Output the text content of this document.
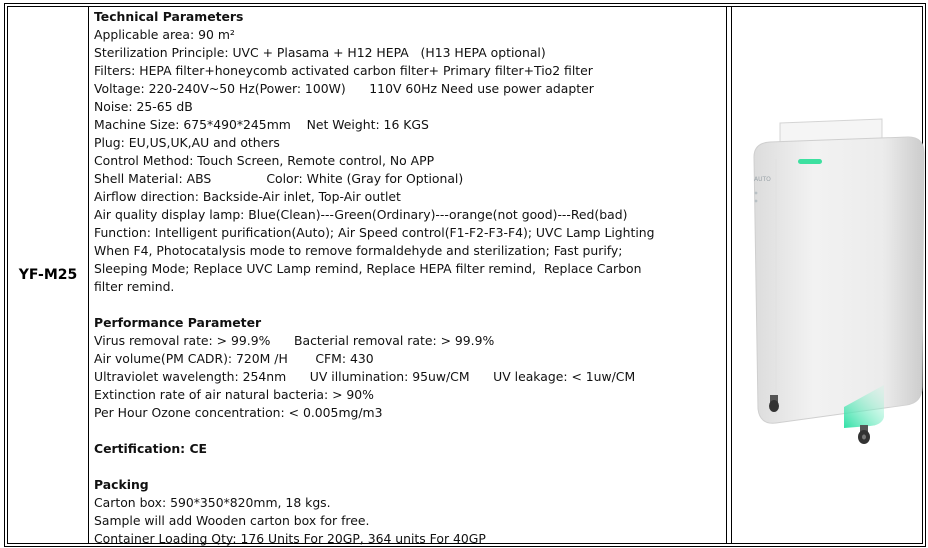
YF-M25
Technical Parameters
Applicable area: 90 m²
Sterilization Principle: UVC + Plasama + H12 HEPA   (H13 HEPA optional)
Filters: HEPA filter+honeycomb activated carbon filter+ Primary filter+Tio2 filter
Voltage: 220-240V~50 Hz(Power: 100W)      110V 60Hz Need use power adapter
Noise: 25-65 dB
Machine Size: 675*490*245mm    Net Weight: 16 KGS
Plug: EU,US,UK,AU and others
Control Method: Touch Screen, Remote control, No APP
Shell Material: ABS              Color: White (Gray for Optional)
Airflow direction: Backside-Air inlet, Top-Air outlet
Air quality display lamp: Blue(Clean)---Green(Ordinary)---orange(not good)---Red(bad)
Function: Intelligent purification(Auto); Air Speed control(F1-F2-F3-F4); UVC Lamp Lighting
When F4, Photocatalysis mode to remove formaldehyde and sterilization; Fast purify;
Sleeping Mode; Replace UVC Lamp remind, Replace HEPA filter remind,  Replace Carbon
filter remind.
Performance Parameter
Virus removal rate: > 99.9%      Bacterial removal rate: > 99.9%
Air volume(PM CADR): 720M /H       CFM: 430
Ultraviolet wavelength: 254nm      UV illumination: 95uw/CM      UV leakage: < 1uw/CM
Extinction rate of air natural bacteria: > 90%
Per Hour Ozone concentration: < 0.005mg/m3
Certification: CE
Packing
Carton box: 590*350*820mm, 18 kgs.
Sample will add Wooden carton box for free.
Container Loading Qty: 176 Units For 20GP, 364 units For 40GP
AUTO
